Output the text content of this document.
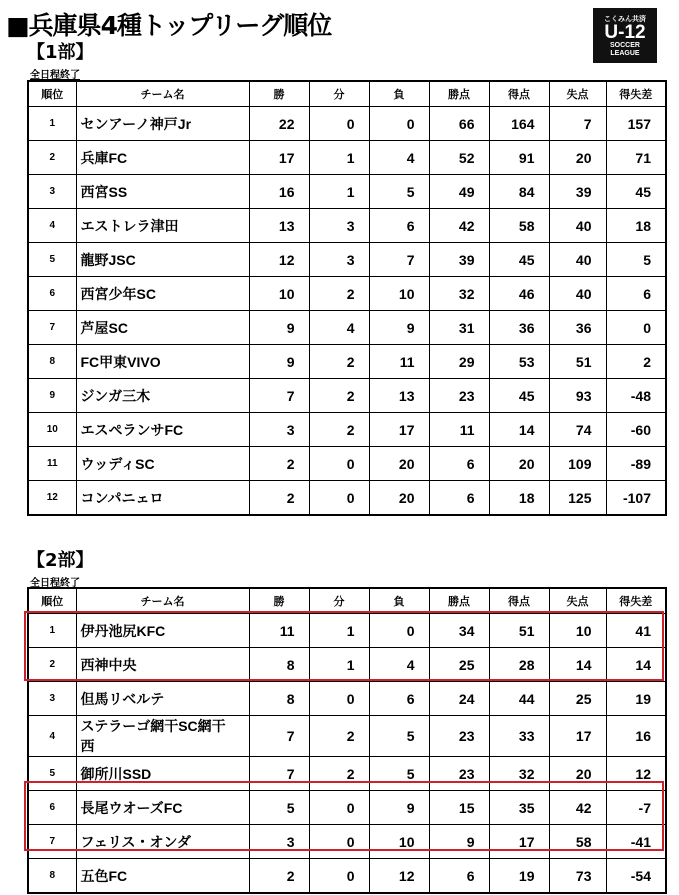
■兵庫県4種トップリーグ順位	こくみん共済
U-12
SOCCER
LEAGUE
【1部】
全日程終了
順位	チーム名	勝	分	負	勝点	得点	失点	得失差
1	センアーノ神戸Jr	22	0	0	66	164	7	157
2	兵庫FC	17	1	4	52	91	20	71
3	西宮SS	16	1	5	49	84	39	45
4	エストレラ津田	13	3	6	42	58	40	18
5	龍野JSC	12	3	7	39	45	40	5
6	西宮少年SC	10	2	10	32	46	40	6
7	芦屋SC	9	4	9	31	36	36	0
8	FC甲東VIVO	9	2	11	29	53	51	2
9	ジンガ三木	7	2	13	23	45	93	-48
10	エスペランサFC	3	2	17	11	14	74	-60
11	ウッディSC	2	0	20	6	20	109	-89
12	コンパニェロ	2	0	20	6	18	125	-107
【2部】
全日程終了
順位	チーム名	勝	分	負	勝点	得点	失点	得失差
1	伊丹池尻KFC	11	1	0	34	51	10	41
2	西神中央	8	1	4	25	28	14	14
3	但馬リベルテ	8	0	6	24	44	25	19
4	ステラーゴ網干SC網干西	7	2	5	23	33	17	16
5	御所川SSD	7	2	5	23	32	20	12
6	長尾ウオーズFC	5	0	9	15	35	42	-7
7	フェリス・オンダ	3	0	10	9	17	58	-41
8	五色FC	2	0	12	6	19	73	-54
